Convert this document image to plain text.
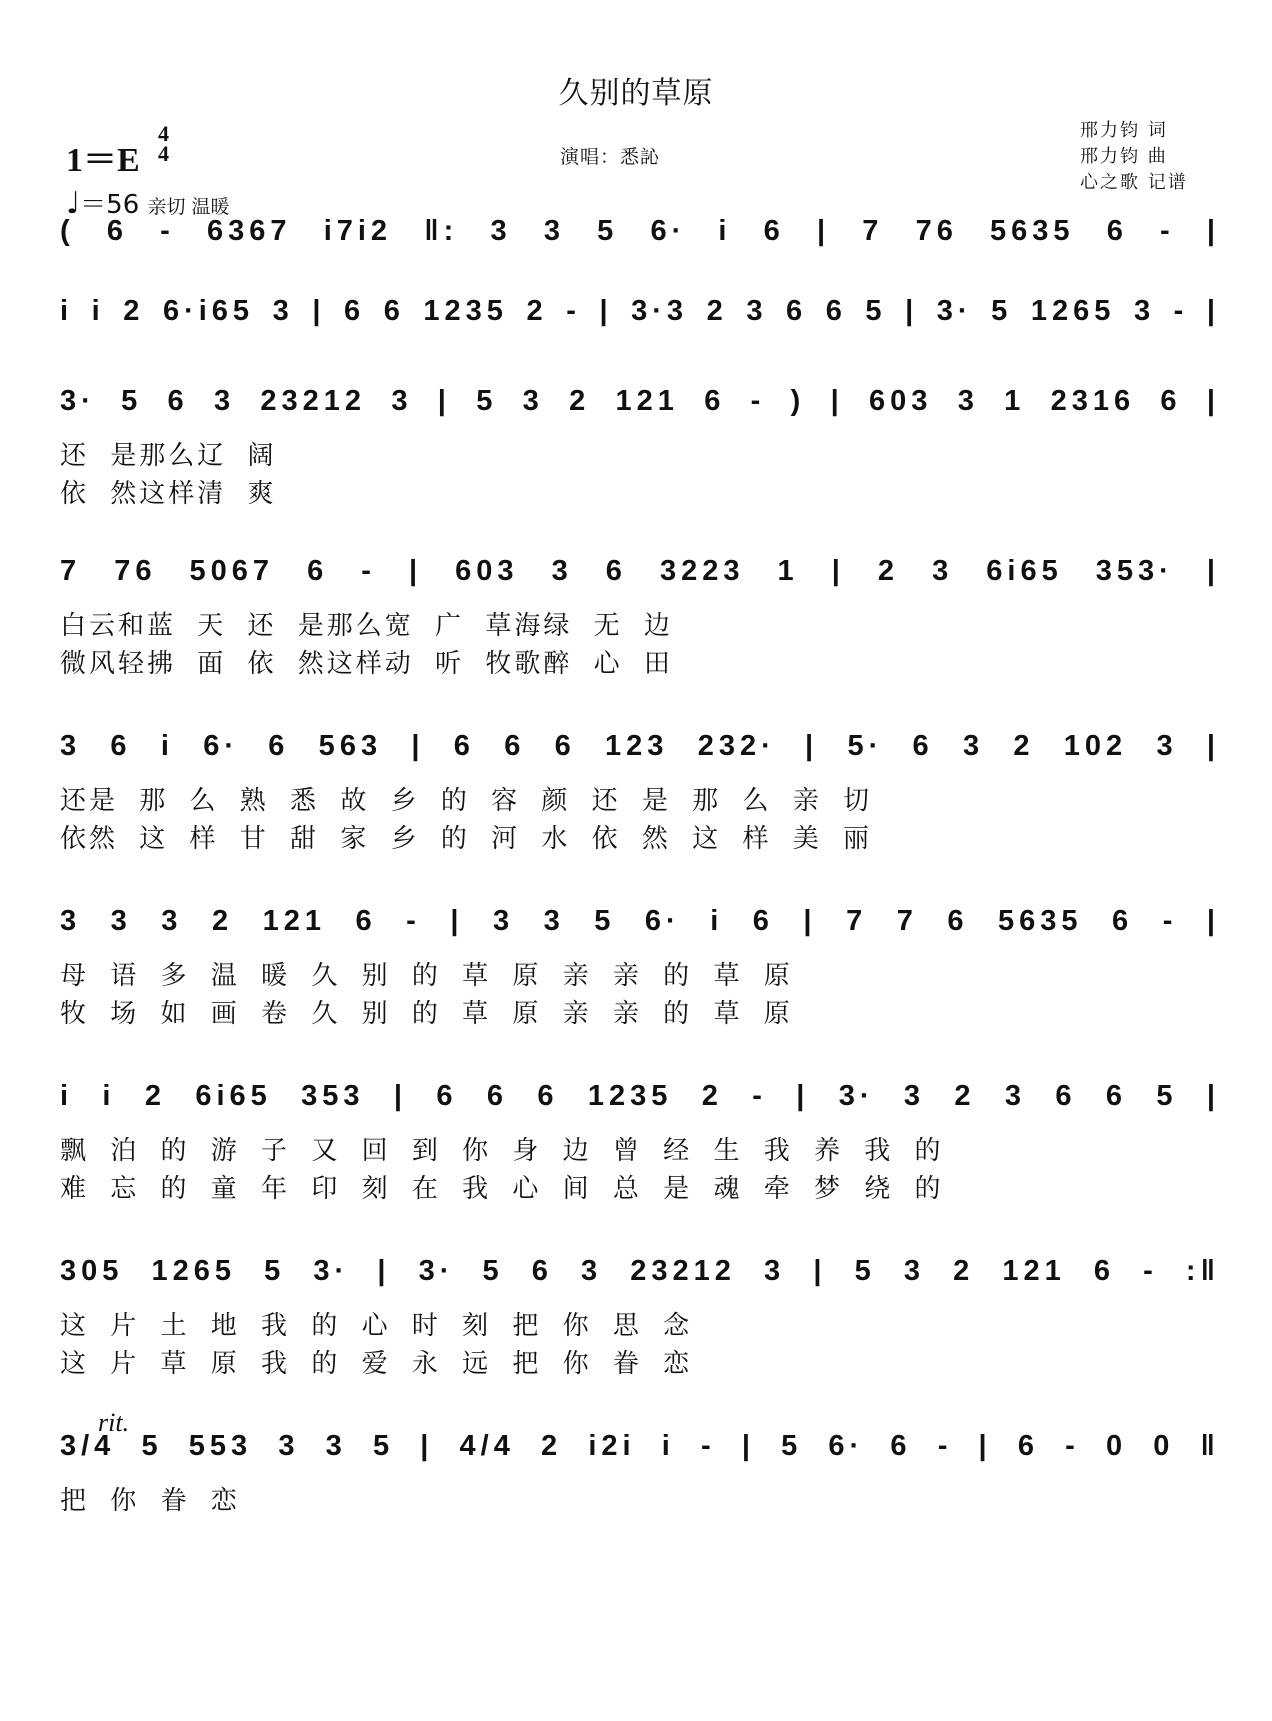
久别的草原
1＝E
4
4
♩＝56 亲切 温暖
演唱：悉訫
邢力钧 词
邢力钧 曲
心之歌 记谱
( 6 - 6367 i7i2 ‖: 3 3 5 6· i 6 | 7 76 5635 6 - |
i i 2 6·i65 3 | 6 6 1235 2 - | 3·3 2 3 6 6 5 | 3· 5 1265 3 - |
3· 5 6 3 23212 3 | 5 3 2 121 6 - ) | 603 3 1 2316 6 |
还 是那么辽 阔
依 然这样清 爽
7 76 5067 6 - | 603 3 6 3223 1 | 2 3 6i65 353· |
白云和蓝 天 还 是那么宽 广 草海绿 无 边
微风轻拂 面 依 然这样动 听 牧歌醉 心 田
3 6 i 6· 6 563 | 6 6 6 123 232· | 5· 6 3 2 102 3 |
还是 那 么 熟 悉 故 乡 的 容 颜 还 是 那 么 亲 切
依然 这 样 甘 甜 家 乡 的 河 水 依 然 这 样 美 丽
3 3 3 2 121 6 - | 3 3 5 6· i 6 | 7 7 6 5635 6 - |
母 语 多 温 暖 久 别 的 草 原 亲 亲 的 草 原
牧 场 如 画 卷 久 别 的 草 原 亲 亲 的 草 原
i i 2 6i65 353 | 6 6 6 1235 2 - | 3· 3 2 3 6 6 5 |
飘 泊 的 游 子 又 回 到 你 身 边 曾 经 生 我 养 我 的
难 忘 的 童 年 印 刻 在 我 心 间 总 是 魂 牵 梦 绕 的
305 1265 5 3· | 3· 5 6 3 23212 3 | 5 3 2 121 6 - :‖
这 片 土 地 我 的 心 时 刻 把 你 思 念
这 片 草 原 我 的 爱 永 远 把 你 眷 恋
rit.
3/4 5 553 3 3 5 | 4/4 2 i2i i - | 5 6· 6 - | 6 - 0 0 ‖
把 你 眷 恋
